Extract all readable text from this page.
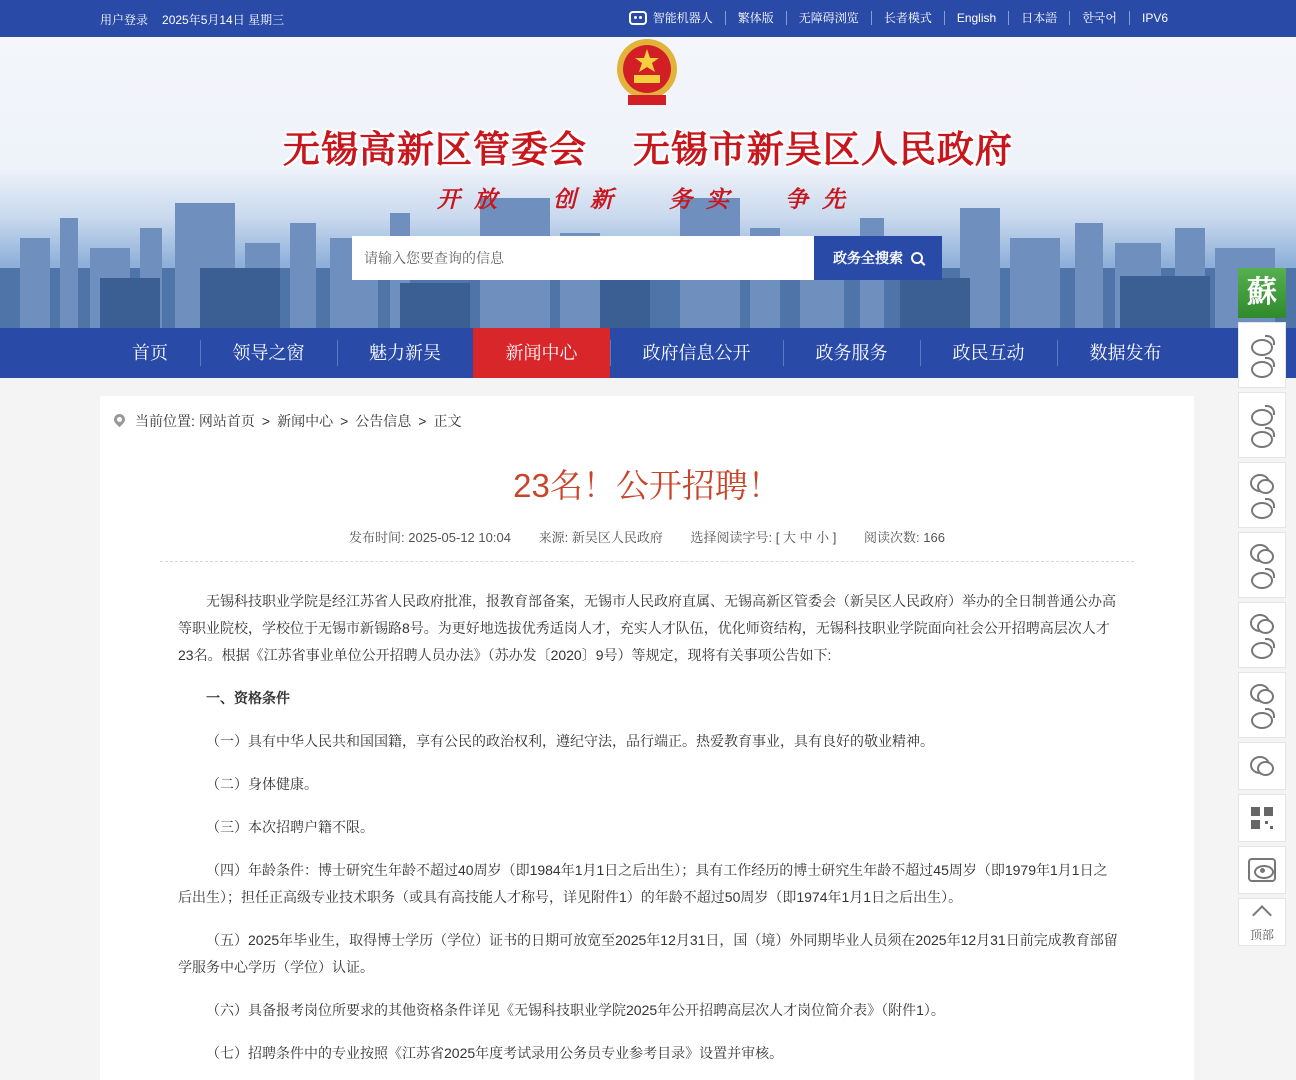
用户登录 2025年5月14日 星期三	智能机器人	繁体版	无障碍浏览	长者模式	English	日本語	한국어	IPV6
无锡高新区管委会 无锡市新吴区人民政府
开放 创新 务实 争先
请输入您要查询的信息
政务全搜索
首页	领导之窗	魅力新吴	新闻中心	政府信息公开	政务服务	政民互动	数据发布
当前位置: 网站首页 > 新闻中心 > 公告信息 > 正文
23名！公开招聘！
发布时间: 2025-05-12 10:04 来源: 新吴区人民政府 选择阅读字号: [ 大 中 小 ] 阅读次数: 166

无锡科技职业学院是经江苏省人民政府批准，报教育部备案，无锡市人民政府直属、无锡高新区管委会（新吴区人民政府）举办的全日制普通公办高等职业院校，学校位于无锡市新锡路8号。为更好地选拔优秀适岗人才，充实人才队伍，优化师资结构，无锡科技职业学院面向社会公开招聘高层次人才23名。根据《江苏省事业单位公开招聘人员办法》（苏办发〔2020〕9号）等规定，现将有关事项公告如下:

一、资格条件

（一）具有中华人民共和国国籍，享有公民的政治权利，遵纪守法，品行端正。热爱教育事业，具有良好的敬业精神。

（二）身体健康。

（三）本次招聘户籍不限。

（四）年龄条件：博士研究生年龄不超过40周岁（即1984年1月1日之后出生）；具有工作经历的博士研究生年龄不超过45周岁（即1979年1月1日之后出生）；担任正高级专业技术职务（或具有高技能人才称号，详见附件1）的年龄不超过50周岁（即1974年1月1日之后出生）。

（五）2025年毕业生，取得博士学历（学位）证书的日期可放宽至2025年12月31日，国（境）外同期毕业人员须在2025年12月31日前完成教育部留学服务中心学历（学位）认证。

（六）具备报考岗位所要求的其他资格条件详见《无锡科技职业学院2025年公开招聘高层次人才岗位简介表》（附件1）。

（七）招聘条件中的专业按照《江苏省2025年度考试录用公务员专业参考目录》设置并审核。

蘇
顶部
